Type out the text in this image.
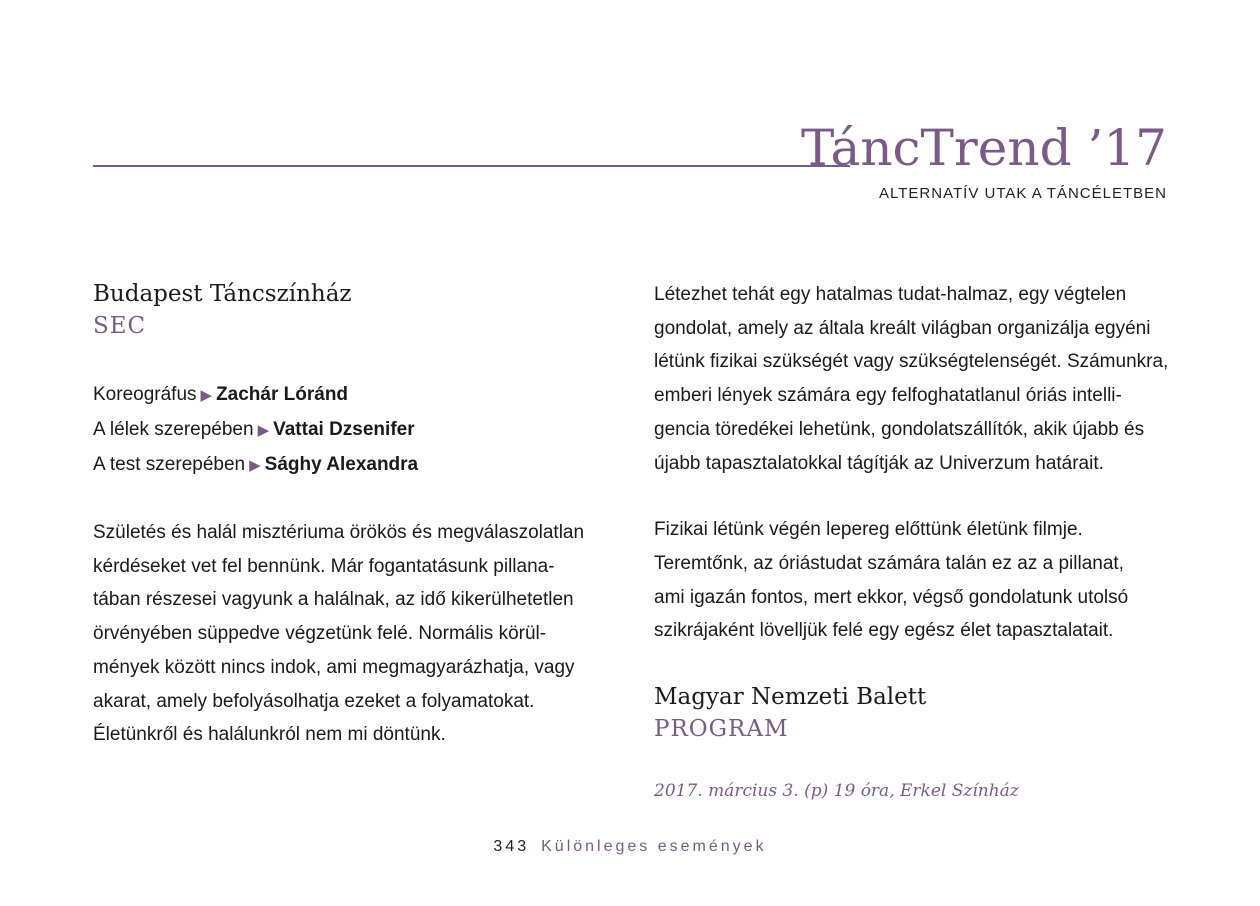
TáncTrend ’17
ALTERNATÍV UTAK A TÁNCÉLETBEN
Budapest Táncszínház
SEC
Koreográfus ▶ Zachár Lóránd
A lélek szerepében ▶ Vattai Dzsenifer
A test szerepében ▶ Sághy Alexandra

Születés és halál misztériuma örökös és megválaszolatlan

kérdéseket vet fel bennünk. Már fogantatásunk pillana-

tában részesei vagyunk a halálnak, az idő kikerülhetetlen

örvényében süppedve végzetünk felé. Normális körül-

mények között nincs indok, ami megmagyarázhatja, vagy

akarat, amely befolyásolhatja ezeket a folyamatokat.

Életünkről és halálunkról nem mi döntünk.

Létezhet tehát egy hatalmas tudat-halmaz, egy végtelen

gondolat, amely az általa kreált világban organizálja egyéni

létünk fizikai szükségét vagy szükségtelenségét. Számunkra,

emberi lények számára egy felfoghatatlanul óriás intelli-

gencia töredékei lehetünk, gondolatszállítók, akik újabb és

újabb tapasztalatokkal tágítják az Univerzum határait.

Fizikai létünk végén lepereg előttünk életünk filmje.

Teremtőnk, az óriástudat számára talán ez az a pillanat,

ami igazán fontos, mert ekkor, végső gondolatunk utolsó

szikrájaként lövelljük felé egy egész élet tapasztalatait.

Magyar Nemzeti Balett
PROGRAM
2017. március 3. (p) 19 óra, Erkel Színház
343 Különleges események
